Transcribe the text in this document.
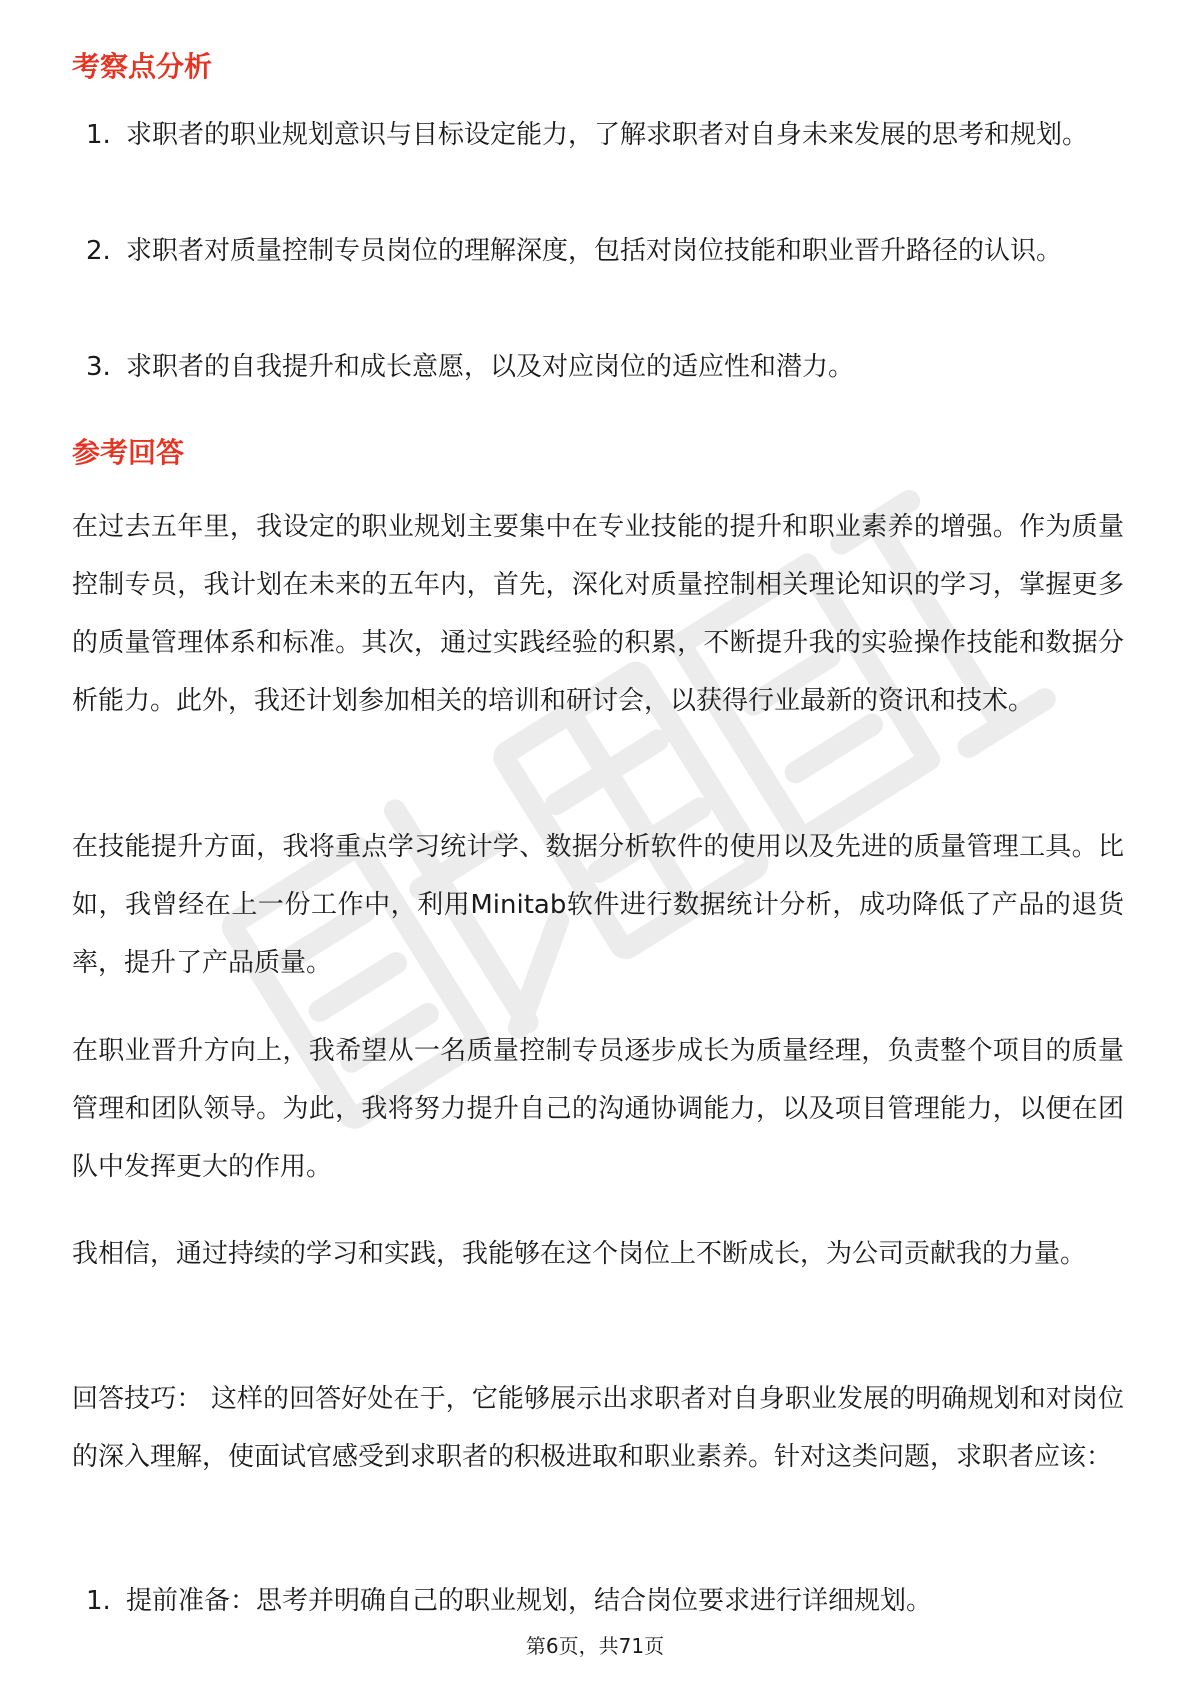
考察点分析
1. 求职者的职业规划意识与目标设定能力，了解求职者对自身未来发展的思考和规划。
2. 求职者对质量控制专员岗位的理解深度，包括对岗位技能和职业晋升路径的认识。
3. 求职者的自我提升和成长意愿，以及对应岗位的适应性和潜力。
参考回答
在过去五年里，我设定的职业规划主要集中在专业技能的提升和职业素养的增强。作为质量控制专员，我计划在未来的五年内，首先，深化对质量控制相关理论知识的学习，掌握更多的质量管理体系和标准。其次，通过实践经验的积累，不断提升我的实验操作技能和数据分析能力。此外，我还计划参加相关的培训和研讨会，以获得行业最新的资讯和技术。
在技能提升方面，我将重点学习统计学、数据分析软件的使用以及先进的质量管理工具。比如，我曾经在上一份工作中，利用Minitab软件进行数据统计分析，成功降低了产品的退货率，提升了产品质量。
在职业晋升方向上，我希望从一名质量控制专员逐步成长为质量经理，负责整个项目的质量管理和团队领导。为此，我将努力提升自己的沟通协调能力，以及项目管理能力，以便在团队中发挥更大的作用。
我相信，通过持续的学习和实践，我能够在这个岗位上不断成长，为公司贡献我的力量。
回答技巧： 这样的回答好处在于，它能够展示出求职者对自身职业发展的明确规划和对岗位的深入理解，使面试官感受到求职者的积极进取和职业素养。针对这类问题，求职者应该：
1. 提前准备：思考并明确自己的职业规划，结合岗位要求进行详细规划。
第6页，共71页
